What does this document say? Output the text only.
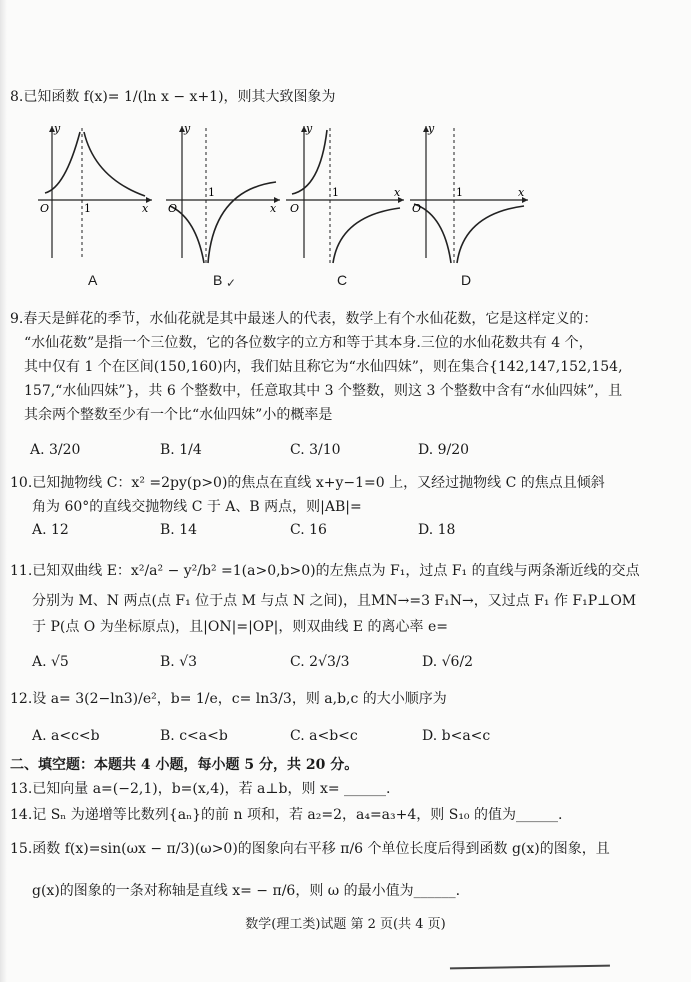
8.已知函数 f(x)= 1/(ln x − x+1)，则其大致图象为
y
x
O	1
A
y
x
O
1
B ✓
y
x
O
1
C
y
x
O
1
D
9.春天是鲜花的季节，水仙花就是其中最迷人的代表，数学上有个水仙花数，它是这样定义的：
“水仙花数”是指一个三位数，它的各位数字的立方和等于其本身.三位的水仙花数共有 4 个，
其中仅有 1 个在区间(150,160)内，我们姑且称它为“水仙四妹”，则在集合{142,147,152,154,
157,“水仙四妹”}，共 6 个整数中，任意取其中 3 个整数，则这 3 个整数中含有“水仙四妹”，且
其余两个整数至少有一个比“水仙四妹”小的概率是
A. 3/20	B. 1/4	C. 3/10	D. 9/20
10.已知抛物线 C：x² =2py(p>0)的焦点在直线 x+y−1=0 上，又经过抛物线 C 的焦点且倾斜
角为 60°的直线交抛物线 C 于 A、B 两点，则|AB|=
A. 12	B. 14	C. 16	D. 18
11.已知双曲线 E：x²/a² − y²/b² =1(a>0,b>0)的左焦点为 F₁，过点 F₁ 的直线与两条渐近线的交点
分别为 M、N 两点(点 F₁ 位于点 M 与点 N 之间)，且MN→=3 F₁N→，又过点 F₁ 作 F₁P⊥OM
于 P(点 O 为坐标原点)，且|ON|=|OP|，则双曲线 E 的离心率 e=
A. √5	B. √3	C. 2√3/3	D. √6/2
12.设 a= 3(2−ln3)/e²，b= 1/e，c= ln3/3，则 a,b,c 的大小顺序为
A. a<c<b	B. c<a<b	C. a<b<c	D. b<a<c
二、填空题：本题共 4 小题，每小题 5 分，共 20 分。
13.已知向量 a=(−2,1)，b=(x,4)，若 a⊥b，则 x= ______.
14.记 Sₙ 为递增等比数列{aₙ}的前 n 项和，若 a₂=2，a₄=a₃+4，则 S₁₀ 的值为______.
15.函数 f(x)=sin(ωx − π/3)(ω>0)的图象向右平移 π/6 个单位长度后得到函数 g(x)的图象，且
g(x)的图象的一条对称轴是直线 x= − π/6，则 ω 的最小值为______.
数学(理工类)试题 第 2 页(共 4 页)
